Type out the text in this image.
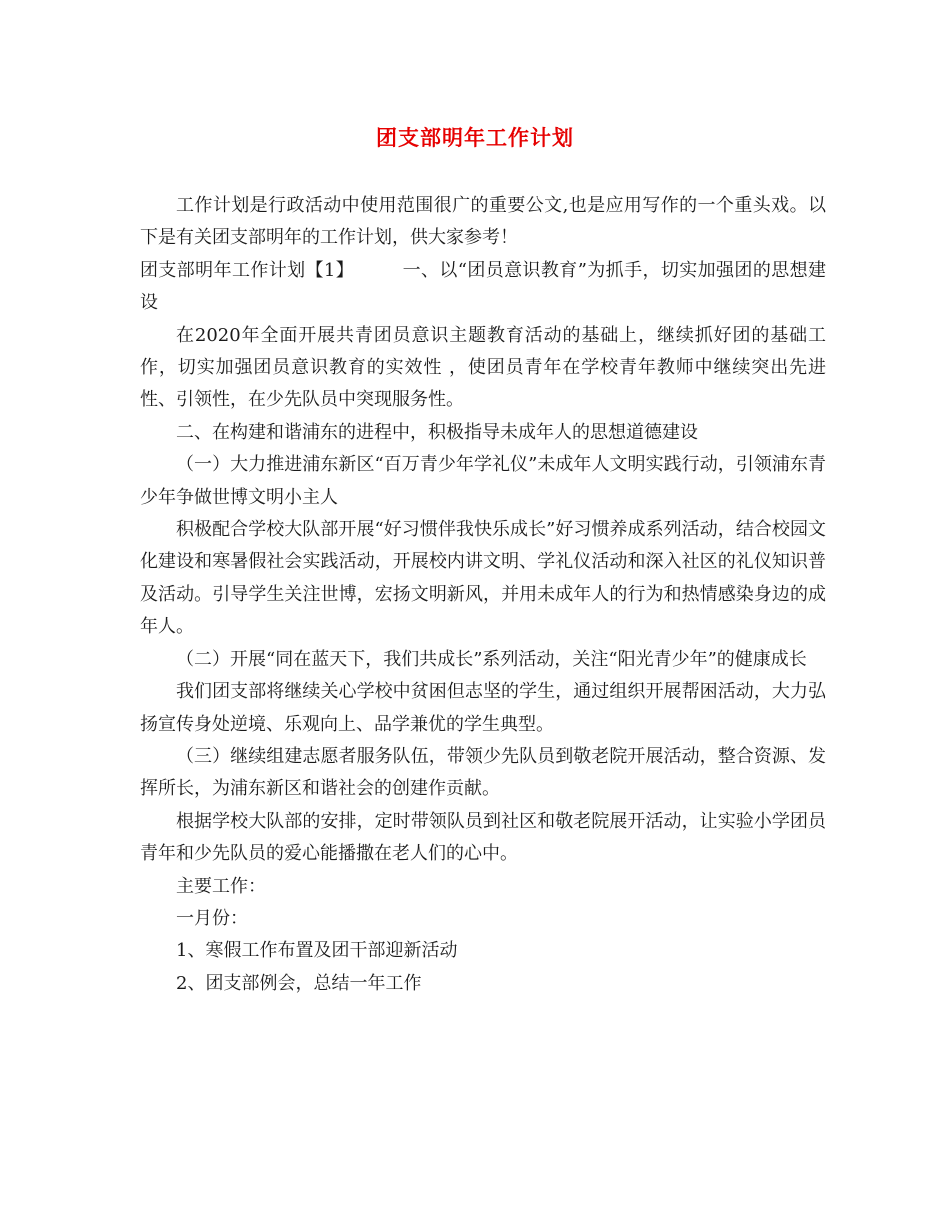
团支部明年工作计划

工作计划是行政活动中使用范围很广的重要公文,也是应用写作的一个重头戏。以下是有关团支部明年的工作计划，供大家参考！

团支部明年工作计划【1】	一、以“团员意识教育”为抓手，切实加强团的思想建设

在2020年全面开展共青团员意识主题教育活动的基础上，继续抓好团的基础工作，切实加强团员意识教育的实效性 ，使团员青年在学校青年教师中继续突出先进性、引领性，在少先队员中突现服务性。

二、在构建和谐浦东的进程中，积极指导未成年人的思想道德建设

（一）大力推进浦东新区“百万青少年学礼仪”未成年人文明实践行动，引领浦东青少年争做世博文明小主人

积极配合学校大队部开展“好习惯伴我快乐成长”好习惯养成系列活动，结合校园文化建设和寒暑假社会实践活动，开展校内讲文明、学礼仪活动和深入社区的礼仪知识普及活动。引导学生关注世博，宏扬文明新风，并用未成年人的行为和热情感染身边的成年人。

（二）开展“同在蓝天下，我们共成长”系列活动，关注“阳光青少年”的健康成长

我们团支部将继续关心学校中贫困但志坚的学生，通过组织开展帮困活动，大力弘扬宣传身处逆境、乐观向上、品学兼优的学生典型。

（三）继续组建志愿者服务队伍，带领少先队员到敬老院开展活动，整合资源、发挥所长，为浦东新区和谐社会的创建作贡献。

根据学校大队部的安排，定时带领队员到社区和敬老院展开活动，让实验小学团员青年和少先队员的爱心能播撒在老人们的心中。

主要工作：

一月份：

1、寒假工作布置及团干部迎新活动

2、团支部例会，总结一年工作
